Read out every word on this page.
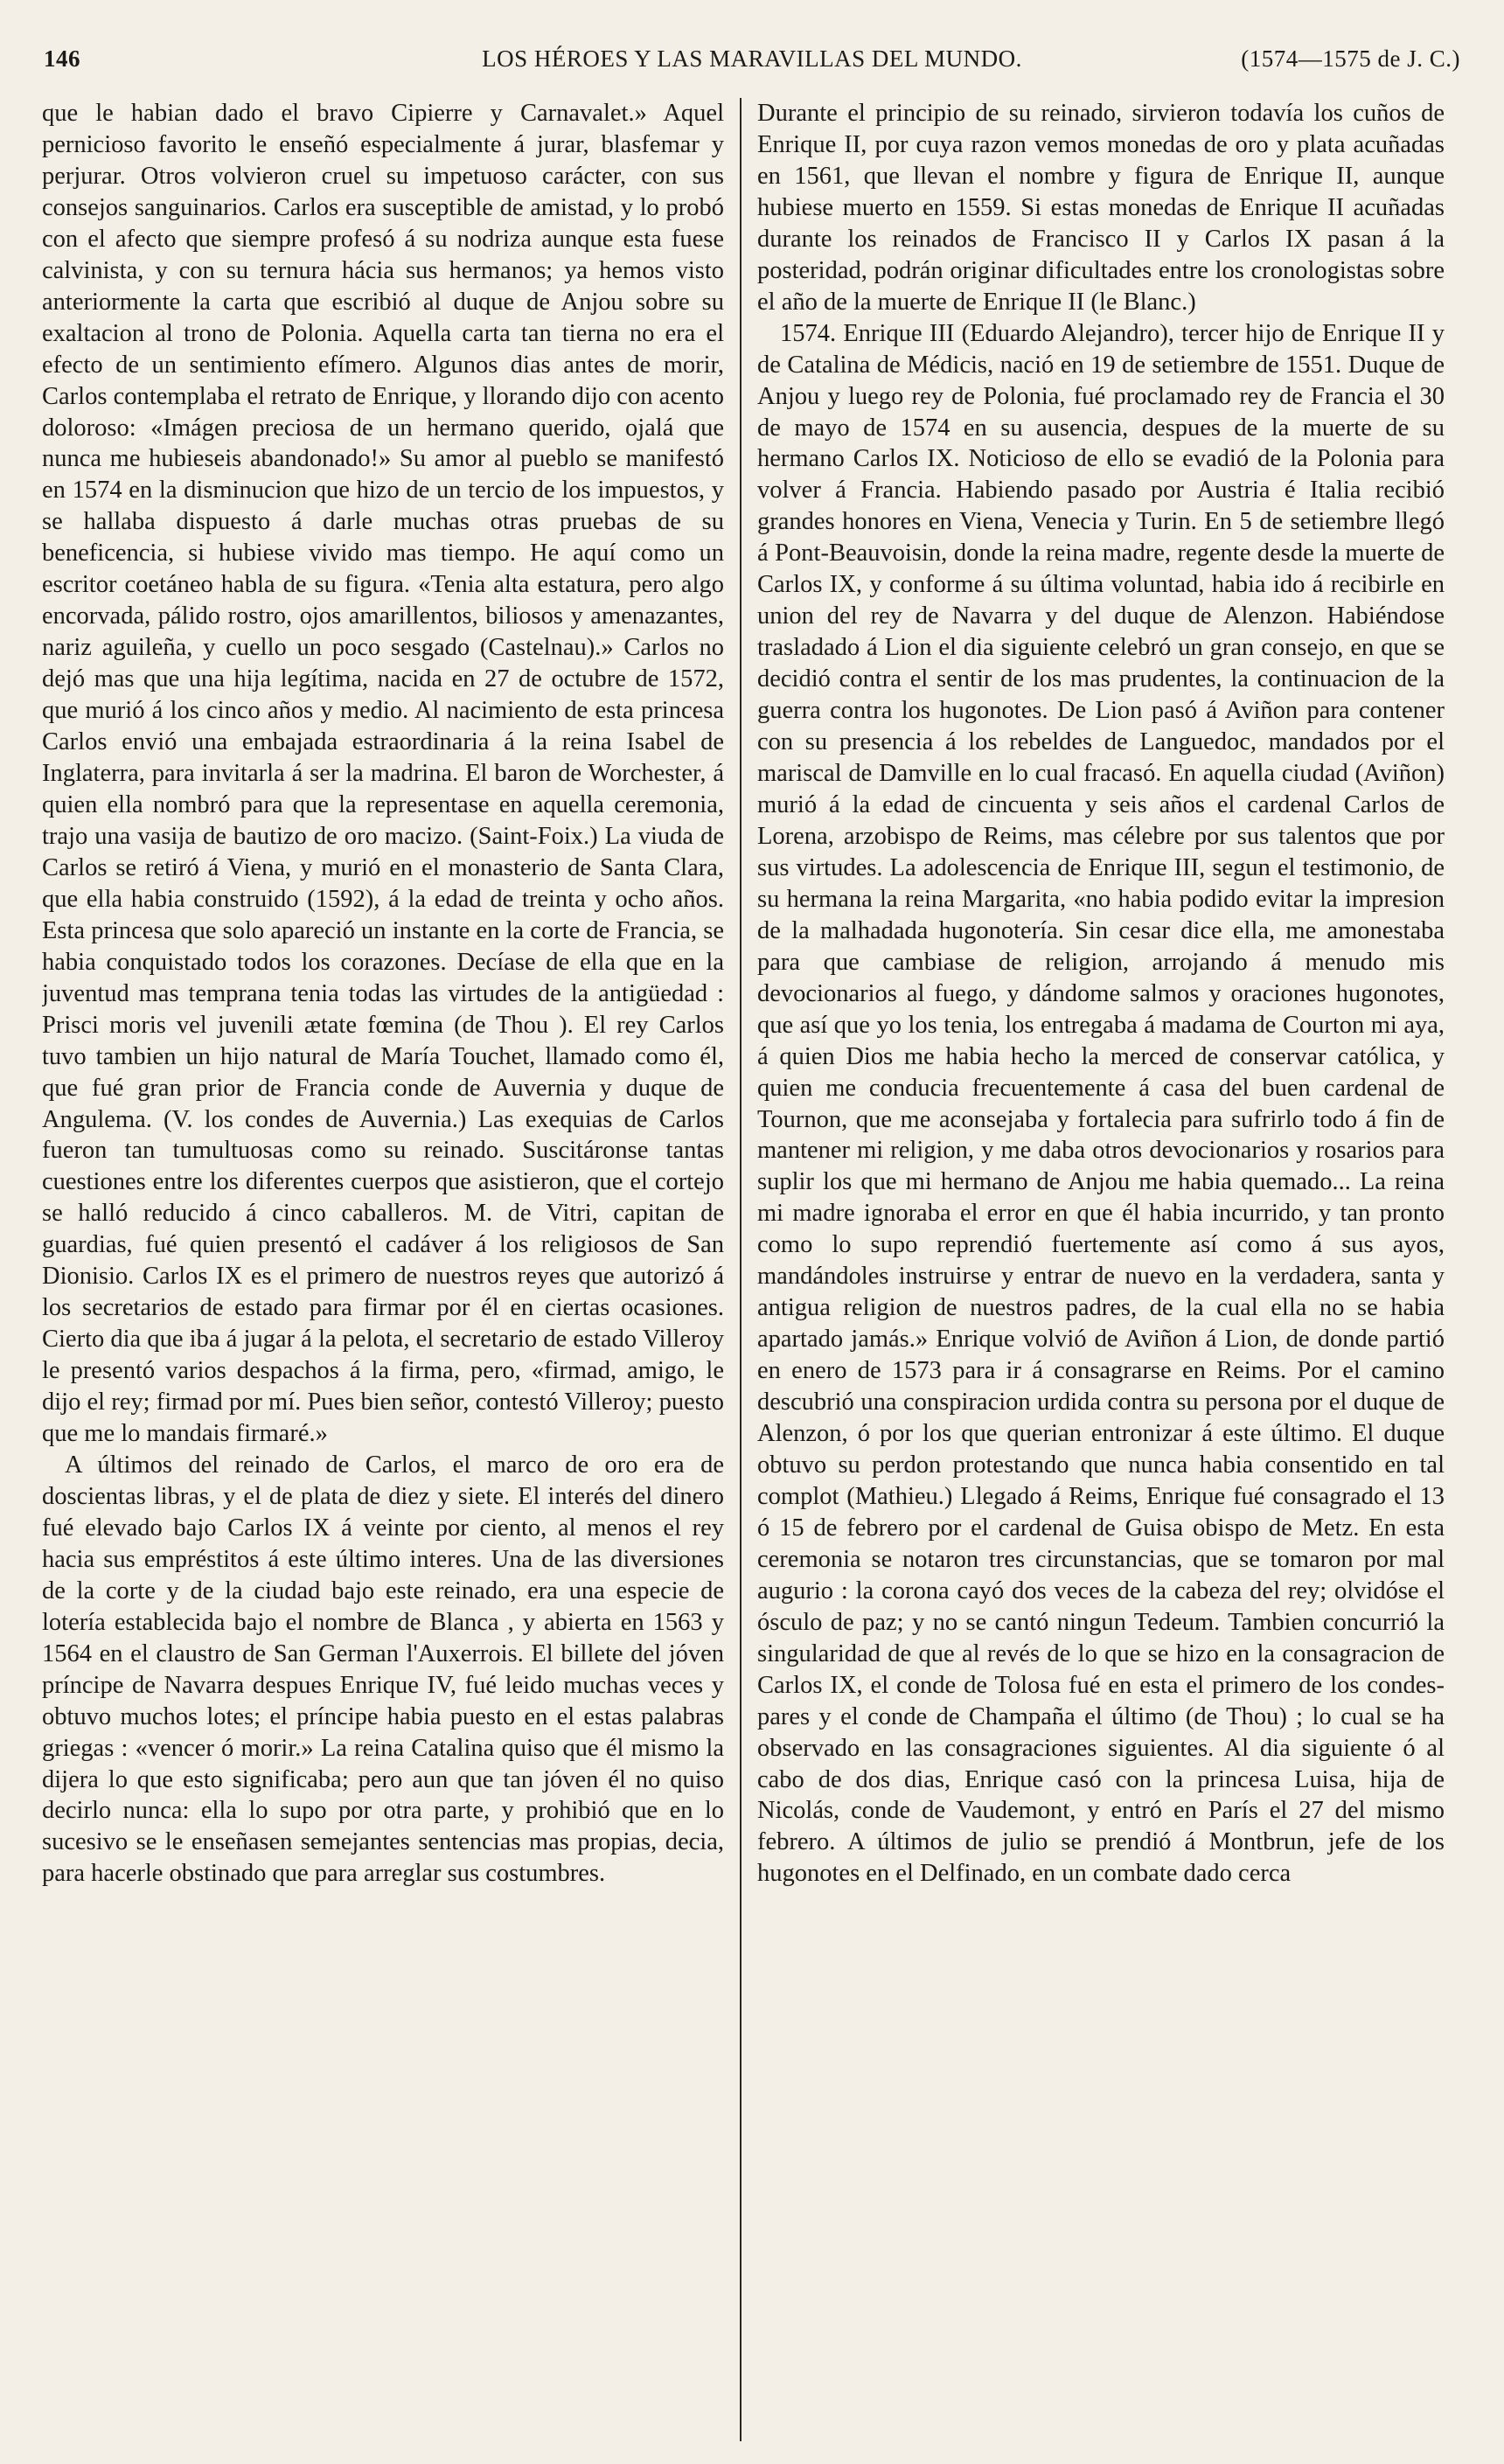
146	LOS HÉROES Y LAS MARAVILLAS DEL MUNDO.	(1574—1575 de J. C.)

que le habian dado el bravo Cipierre y Carnavalet.» Aquel pernicioso favorito le enseñó especialmente á jurar, blasfemar y perjurar. Otros volvieron cruel su impetuoso carácter, con sus consejos sanguinarios. Carlos era susceptible de amistad, y lo probó con el afecto que siempre profesó á su nodriza aunque esta fuese calvinista, y con su ternura hácia sus hermanos; ya hemos visto anteriormente la carta que escribió al duque de Anjou sobre su exaltacion al trono de Polonia. Aquella carta tan tierna no era el efecto de un sentimiento efímero. Algunos dias antes de morir, Carlos contemplaba el retrato de Enrique, y llorando dijo con acento doloroso: «Imágen preciosa de un hermano querido, ojalá que nunca me hubieseis abandonado!» Su amor al pueblo se manifestó en 1574 en la disminucion que hizo de un tercio de los impuestos, y se hallaba dispuesto á darle muchas otras pruebas de su beneficencia, si hubiese vivido mas tiempo. He aquí como un escritor coetáneo habla de su figura. «Tenia alta estatura, pero algo encorvada, pálido rostro, ojos amarillentos, biliosos y amenazantes, nariz aguileña, y cuello un poco sesgado (Castelnau).» Carlos no dejó mas que una hija legítima, nacida en 27 de octubre de 1572, que murió á los cinco años y medio. Al nacimiento de esta princesa Carlos envió una embajada estraordinaria á la reina Isabel de Inglaterra, para invitarla á ser la madrina. El baron de Worchester, á quien ella nombró para que la representase en aquella ceremonia, trajo una vasija de bautizo de oro macizo. (Saint-Foix.) La viuda de Carlos se retiró á Viena, y murió en el monasterio de Santa Clara, que ella habia construido (1592), á la edad de treinta y ocho años. Esta princesa que solo apareció un instante en la corte de Francia, se habia conquistado todos los corazones. Decíase de ella que en la juventud mas temprana tenia todas las virtudes de la antigüedad : Prisci moris vel juvenili ætate fœmina (de Thou ). El rey Carlos tuvo tambien un hijo natural de María Touchet, llamado como él, que fué gran prior de Francia conde de Auvernia y duque de Angulema. (V. los condes de Auvernia.) Las exequias de Carlos fueron tan tumultuosas como su reinado. Suscitáronse tantas cuestiones entre los diferentes cuerpos que asistieron, que el cortejo se halló reducido á cinco caballeros. M. de Vitri, capitan de guardias, fué quien presentó el cadáver á los religiosos de San Dionisio. Carlos IX es el primero de nuestros reyes que autorizó á los secretarios de estado para firmar por él en ciertas ocasiones. Cierto dia que iba á jugar á la pelota, el secretario de estado Villeroy le presentó varios despachos á la firma, pero, «firmad, amigo, le dijo el rey; firmad por mí. Pues bien señor, contestó Villeroy; puesto que me lo mandais firmaré.»

A últimos del reinado de Carlos, el marco de oro era de doscientas libras, y el de plata de diez y siete. El interés del dinero fué elevado bajo Carlos IX á veinte por ciento, al menos el rey hacia sus empréstitos á este último interes. Una de las diversiones de la corte y de la ciudad bajo este reinado, era una especie de lotería establecida bajo el nombre de Blanca , y abierta en 1563 y 1564 en el claustro de San German l'Auxerrois. El billete del jóven príncipe de Navarra despues Enrique IV, fué leido muchas veces y obtuvo muchos lotes; el príncipe habia puesto en el estas palabras griegas : «vencer ó morir.» La reina Catalina quiso que él mismo la dijera lo que esto significaba; pero aun que tan jóven él no quiso decirlo nunca: ella lo supo por otra parte, y prohibió que en lo sucesivo se le enseñasen semejantes sentencias mas propias, decia, para hacerle obstinado que para arreglar sus costumbres.

Durante el principio de su reinado, sirvieron todavía los cuños de Enrique II, por cuya razon vemos monedas de oro y plata acuñadas en 1561, que llevan el nombre y figura de Enrique II, aunque hubiese muerto en 1559. Si estas monedas de Enrique II acuñadas durante los reinados de Francisco II y Carlos IX pasan á la posteridad, podrán originar dificultades entre los cronologistas sobre el año de la muerte de Enrique II (le Blanc.)

1574. Enrique III (Eduardo Alejandro), tercer hijo de Enrique II y de Catalina de Médicis, nació en 19 de setiembre de 1551. Duque de Anjou y luego rey de Polonia, fué proclamado rey de Francia el 30 de mayo de 1574 en su ausencia, despues de la muerte de su hermano Carlos IX. Noticioso de ello se evadió de la Polonia para volver á Francia. Habiendo pasado por Austria é Italia recibió grandes honores en Viena, Venecia y Turin. En 5 de setiembre llegó á Pont-Beauvoisin, donde la reina madre, regente desde la muerte de Carlos IX, y conforme á su última voluntad, habia ido á recibirle en union del rey de Navarra y del duque de Alenzon. Habiéndose trasladado á Lion el dia siguiente celebró un gran consejo, en que se decidió contra el sentir de los mas prudentes, la continuacion de la guerra contra los hugonotes. De Lion pasó á Aviñon para contener con su presencia á los rebeldes de Languedoc, mandados por el mariscal de Damville en lo cual fracasó. En aquella ciudad (Aviñon) murió á la edad de cincuenta y seis años el cardenal Carlos de Lorena, arzobispo de Reims, mas célebre por sus talentos que por sus virtudes. La adolescencia de Enrique III, segun el testimonio, de su hermana la reina Margarita, «no habia podido evitar la impresion de la malhadada hugonotería. Sin cesar dice ella, me amonestaba para que cambiase de religion, arrojando á menudo mis devocionarios al fuego, y dándome salmos y oraciones hugonotes, que así que yo los tenia, los entregaba á madama de Courton mi aya, á quien Dios me habia hecho la merced de conservar católica, y quien me conducia frecuentemente á casa del buen cardenal de Tournon, que me aconsejaba y fortalecia para sufrirlo todo á fin de mantener mi religion, y me daba otros devocionarios y rosarios para suplir los que mi hermano de Anjou me habia quemado... La reina mi madre ignoraba el error en que él habia incurrido, y tan pronto como lo supo reprendió fuertemente así como á sus ayos, mandándoles instruirse y entrar de nuevo en la verdadera, santa y antigua religion de nuestros padres, de la cual ella no se habia apartado jamás.» Enrique volvió de Aviñon á Lion, de donde partió en enero de 1573 para ir á consagrarse en Reims. Por el camino descubrió una conspiracion urdida contra su persona por el duque de Alenzon, ó por los que querian entronizar á este último. El duque obtuvo su perdon protestando que nunca habia consentido en tal complot (Mathieu.) Llegado á Reims, Enrique fué consagrado el 13 ó 15 de febrero por el cardenal de Guisa obispo de Metz. En esta ceremonia se notaron tres circunstancias, que se tomaron por mal augurio : la corona cayó dos veces de la cabeza del rey; olvidóse el ósculo de paz; y no se cantó ningun Tedeum. Tambien concurrió la singularidad de que al revés de lo que se hizo en la consagracion de Carlos IX, el conde de Tolosa fué en esta el primero de los condes-pares y el conde de Champaña el último (de Thou) ; lo cual se ha observado en las consagraciones siguientes. Al dia siguiente ó al cabo de dos dias, Enrique casó con la princesa Luisa, hija de Nicolás, conde de Vaudemont, y entró en París el 27 del mismo febrero. A últimos de julio se prendió á Montbrun, jefe de los hugonotes en el Delfinado, en un combate dado cerca
